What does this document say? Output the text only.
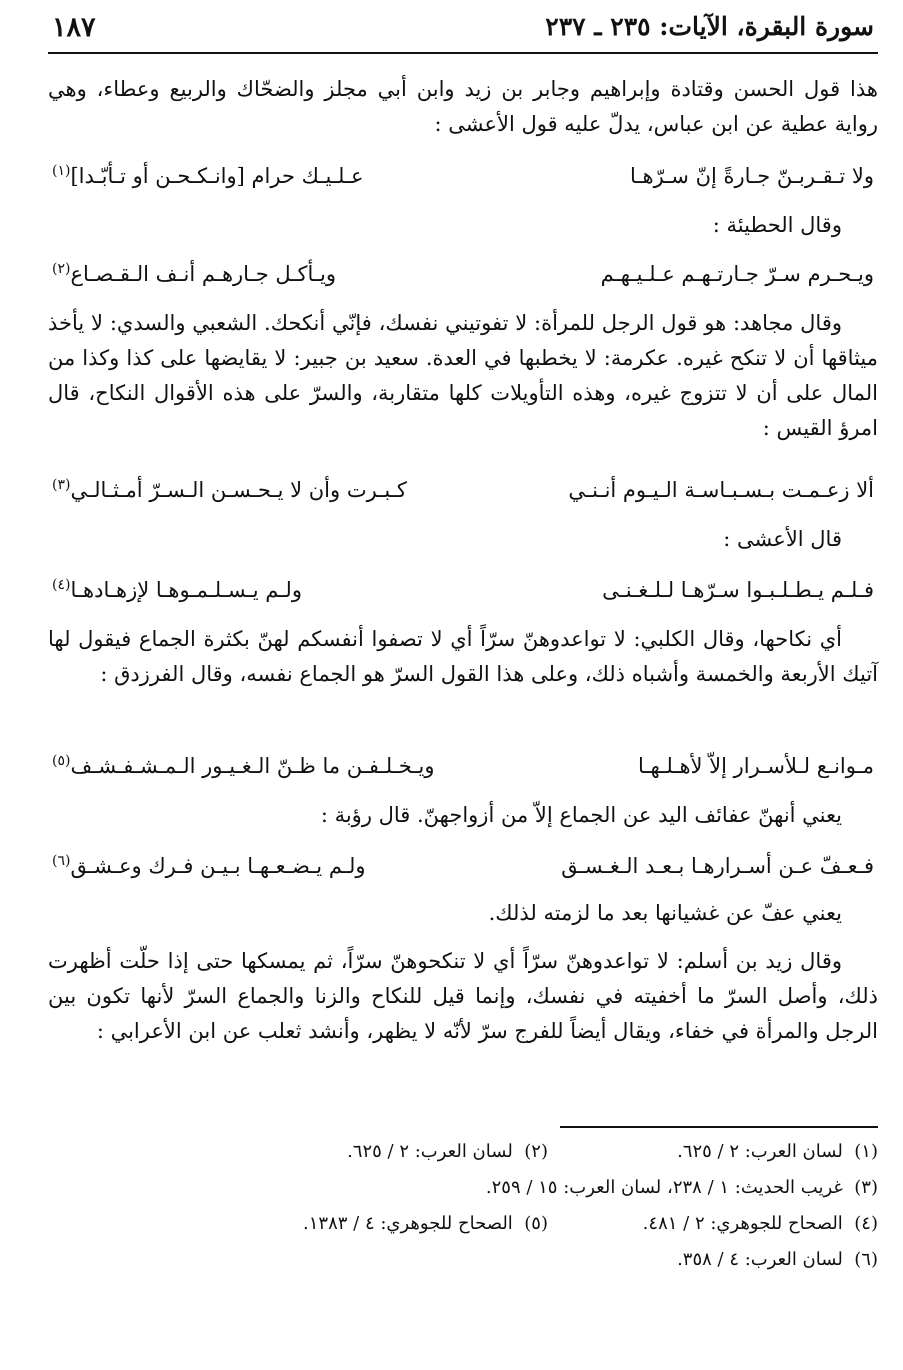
سورة البقرة، الآيات: ٢٣٥ ـ ٢٣٧
١٨٧
هذا قول الحسن وقتادة وإبراهيم وجابر بن زيد وابن أبي مجلز والضحّاك والربيع وعطاء، وهي رواية عطية عن ابن عباس، يدلّ عليه قول الأعشى :
ولا تـقـربـنّ جـارةً إنّ سـرّهـا
عـلـيـك حرام [وانـكـحـن أو تـأبّـدا]$^{(١)}$
وقال الحطيئة :
ويـحـرم سـرّ جـارتـهـم عـلـيـهـم
ويـأكـل جـارهـم أنـف الـقـصـاع$^{(٢)}$
وقال مجاهد: هو قول الرجل للمرأة: لا تفوتيني نفسك، فإنّي أنكحك. الشعبي والسدي: لا يأخذ ميثاقها أن لا تنكح غيره. عكرمة: لا يخطبها في العدة. سعيد بن جبير: لا يقايضها على كذا وكذا من المال على أن لا تتزوج غيره، وهذه التأويلات كلها متقاربة، والسرّ على هذه الأقوال النكاح، قال امرؤ القيس :
ألا زعـمـت بـسـبـاسـة الـيـوم أنـنـي
كـبـرت وأن لا يـحـسـن الـسـرّ أمـثـالـي$^{(٣)}$
قال الأعشى :
فـلـم يـطـلـبـوا سـرّهـا لـلـغـنـى
ولـم يـسـلـمـوهـا لإزهـادهـا$^{(٤)}$
أي نكاحها، وقال الكلبي: لا تواعدوهنّ سرّاً أي لا تصفوا أنفسكم لهنّ بكثرة الجماع فيقول لها آتيك الأربعة والخمسة وأشباه ذلك، وعلى هذا القول السرّ هو الجماع نفسه، وقال الفرزدق :
مـوانـع لـلأسـرار إلاّ لأهـلـهـا
ويـخـلـفـن ما ظـنّ الـغـيـور الـمـشـفـشـف$^{(٥)}$
يعني أنهنّ عفائف اليد عن الجماع إلاّ من أزواجهنّ. قال رؤبة :
فـعـفّ عـن أسـرارهـا بـعـد الـغـسـق
ولـم يـضـعـهـا بـيـن فـرك وعـشـق$^{(٦)}$
يعني عفّ عن غشيانها بعد ما لزمته لذلك.
وقال زيد بن أسلم: لا تواعدوهنّ سرّاً أي لا تنكحوهنّ سرّاً، ثم يمسكها حتى إذا حلّت أظهرت ذلك، وأصل السرّ ما أخفيته في نفسك، وإنما قيل للنكاح والزنا والجماع السرّ لأنها تكون بين الرجل والمرأة في خفاء، ويقال أيضاً للفرج سرّ لأنّه لا يظهر، وأنشد ثعلب عن ابن الأعرابي :
(١)  لسان العرب: ٢ / ٦٢٥.
(٢)  لسان العرب: ٢ / ٦٢٥.
(٣)  غريب الحديث: ١ / ٢٣٨، لسان العرب: ١٥ / ٢٥٩.
(٤)  الصحاح للجوهري: ٢ / ٤٨١.
(٥)  الصحاح للجوهري: ٤ / ١٣٨٣.
(٦)  لسان العرب: ٤ / ٣٥٨.
